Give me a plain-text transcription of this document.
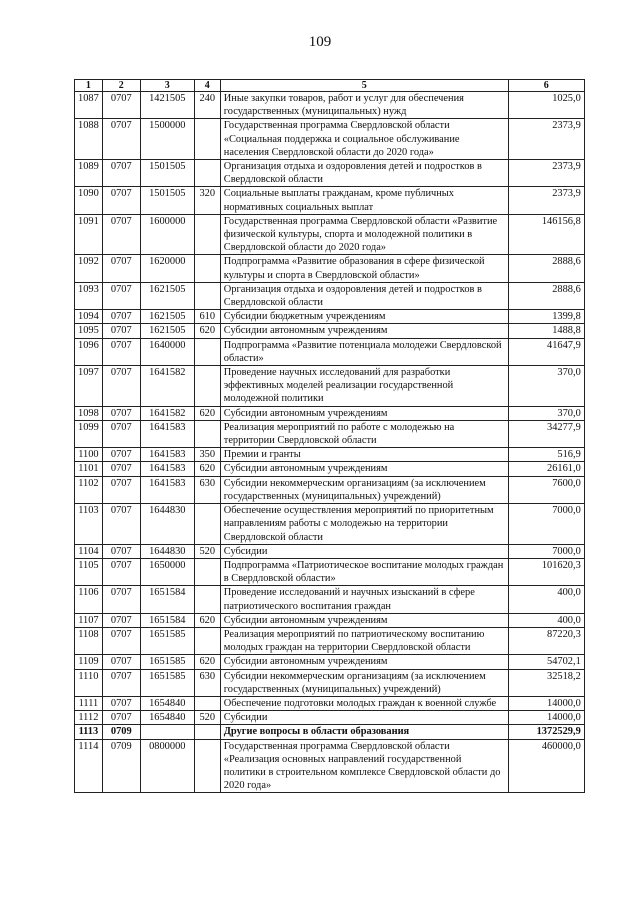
109
1	2	3	4	5	6
1087	0707	1421505	240	Иные закупки товаров, работ и услуг для обеспечения государственных (муниципальных) нужд	1025,0
1088	0707	1500000		Государственная программа Свердловской области «Социальная поддержка и социальное обслуживание населения Свердловской области до 2020 года»	2373,9
1089	0707	1501505		Организация отдыха и оздоровления детей и подростков в Свердловской области	2373,9
1090	0707	1501505	320	Социальные выплаты гражданам, кроме публичных нормативных социальных выплат	2373,9
1091	0707	1600000		Государственная программа Свердловской области «Развитие физической культуры, спорта и молодежной политики в Свердловской области до 2020 года»	146156,8
1092	0707	1620000		Подпрограмма «Развитие образования в сфере физической культуры и спорта в Свердловской области»	2888,6
1093	0707	1621505		Организация отдыха и оздоровления детей и подростков в Свердловской области	2888,6
1094	0707	1621505	610	Субсидии бюджетным учреждениям	1399,8
1095	0707	1621505	620	Субсидии автономным учреждениям	1488,8
1096	0707	1640000		Подпрограмма «Развитие потенциала молодежи Свердловской области»	41647,9
1097	0707	1641582		Проведение научных исследований для разработки эффективных моделей реализации государственной молодежной политики	370,0
1098	0707	1641582	620	Субсидии автономным учреждениям	370,0
1099	0707	1641583		Реализация мероприятий по работе с молодежью на территории Свердловской области	34277,9
1100	0707	1641583	350	Премии и гранты	516,9
1101	0707	1641583	620	Субсидии автономным учреждениям	26161,0
1102	0707	1641583	630	Субсидии некоммерческим организациям (за исключением государственных (муниципальных) учреждений)	7600,0
1103	0707	1644830		Обеспечение осуществления мероприятий по приоритетным направлениям работы с молодежью на территории Свердловской области	7000,0
1104	0707	1644830	520	Субсидии	7000,0
1105	0707	1650000		Подпрограмма «Патриотическое воспитание молодых граждан в Свердловской области»	101620,3
1106	0707	1651584		Проведение исследований и научных изысканий в сфере патриотического воспитания граждан	400,0
1107	0707	1651584	620	Субсидии автономным учреждениям	400,0
1108	0707	1651585		Реализация мероприятий по патриотическому воспитанию молодых граждан на территории Свердловской области	87220,3
1109	0707	1651585	620	Субсидии автономным учреждениям	54702,1
1110	0707	1651585	630	Субсидии некоммерческим организациям (за исключением государственных (муниципальных) учреждений)	32518,2
1111	0707	1654840		Обеспечение подготовки молодых граждан к военной службе	14000,0
1112	0707	1654840	520	Субсидии	14000,0
1113	0709			Другие вопросы в области образования	1372529,9
1114	0709	0800000		Государственная программа Свердловской области «Реализация основных направлений государственной политики в строительном комплексе Свердловской области до 2020 года»	460000,0
